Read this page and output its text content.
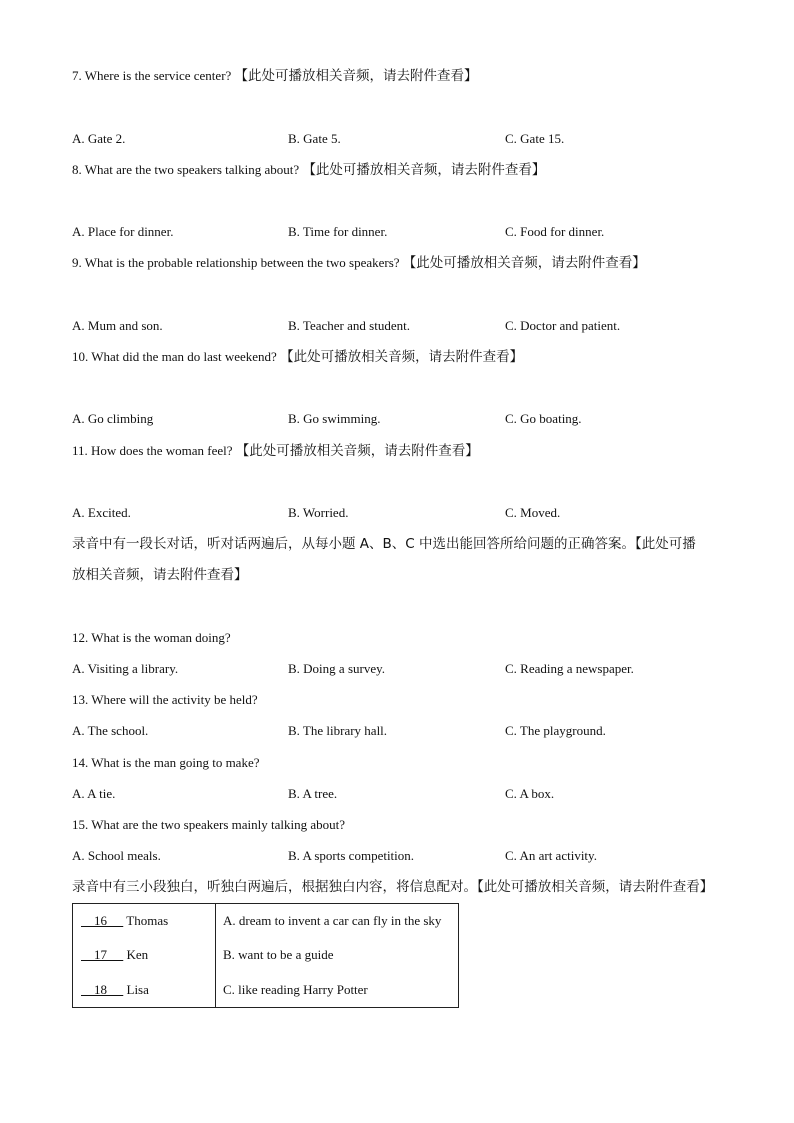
7. Where is the service center? 【此处可播放相关音频，请去附件查看】
A. Gate 2.	B. Gate 5.	C. Gate 15.
8. What are the two speakers talking about? 【此处可播放相关音频，请去附件查看】
A. Place for dinner.	B. Time for dinner.	C. Food for dinner.
9. What is the probable relationship between the two speakers? 【此处可播放相关音频，请去附件查看】
A. Mum and son.	B. Teacher and student.	C. Doctor and patient.
10. What did the man do last weekend? 【此处可播放相关音频，请去附件查看】
A. Go climbing	B. Go swimming.	C. Go boating.
11. How does the woman feel? 【此处可播放相关音频，请去附件查看】
A. Excited.	B. Worried.	C. Moved.
录音中有一段长对话，听对话两遍后，从每小题 A、B、C 中选出能回答所给问题的正确答案。【此处可播
放相关音频，请去附件查看】
12. What is the woman doing?
A. Visiting a library.	B. Doing a survey.	C. Reading a newspaper.
13. Where will the activity be held?
A. The school.	B. The library hall.	C. The playground.
14. What is the man going to make?
A. A tie.	B. A tree.	C. A box.
15. What are the two speakers mainly talking about?
A. School meals.	B. A sports competition.	C. An art activity.
录音中有三小段独白，听独白两遍后，根据独白内容，将信息配对。【此处可播放相关音频，请去附件查看】
16 Thomas	A. dream to invent a car can fly in the sky
17 Ken	B. want to be a guide
18 Lisa	C. like reading Harry Potter
